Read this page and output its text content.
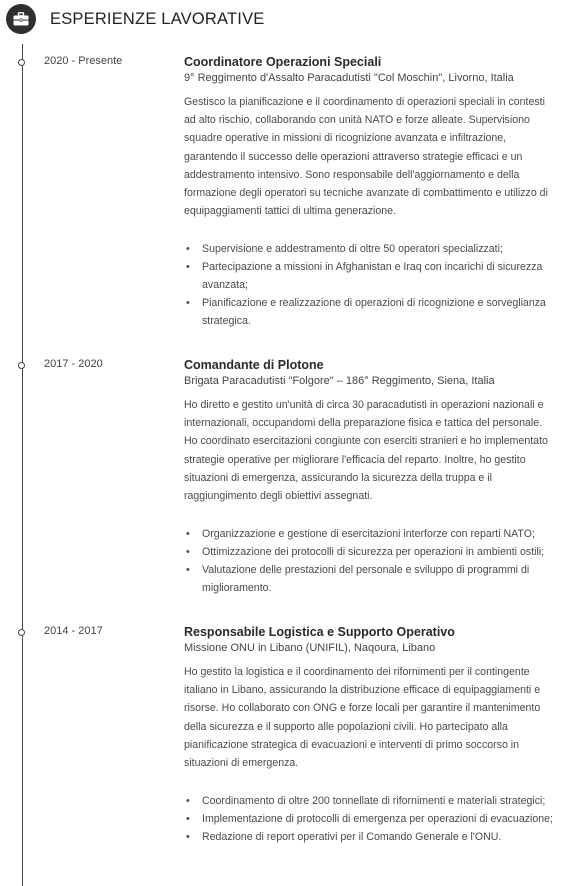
ESPERIENZE LAVORATIVE
2020 - Presente	Coordinatore Operazioni Speciali
9° Reggimento d'Assalto Paracadutisti "Col Moschin", Livorno, Italia
Gestisco la pianificazione e il coordinamento di operazioni speciali in contesti ad alto rischio, collaborando con unità NATO e forze alleate. Supervisiono squadre operative in missioni di ricognizione avanzata e infiltrazione, garantendo il successo delle operazioni attraverso strategie efficaci e un addestramento intensivo. Sono responsabile dell'aggiornamento e della formazione degli operatori su tecniche avanzate di combattimento e utilizzo di equipaggiamenti tattici di ultima generazione.
• Supervisione e addestramento di oltre 50 operatori specializzati;
• Partecipazione a missioni in Afghanistan e Iraq con incarichi di sicurezza avanzata;
• Pianificazione e realizzazione di operazioni di ricognizione e sorveglianza strategica.
2017 - 2020	Comandante di Plotone
Brigata Paracadutisti "Folgore" – 186° Reggimento, Siena, Italia
Ho diretto e gestito un'unità di circa 30 paracadutisti in operazioni nazionali e internazionali, occupandomi della preparazione fisica e tattica del personale. Ho coordinato esercitazioni congiunte con eserciti stranieri e ho implementato strategie operative per migliorare l'efficacia del reparto. Inoltre, ho gestito situazioni di emergenza, assicurando la sicurezza della truppa e il raggiungimento degli obiettivi assegnati.
• Organizzazione e gestione di esercitazioni interforze con reparti NATO;
• Ottimizzazione dei protocolli di sicurezza per operazioni in ambienti ostili;
• Valutazione delle prestazioni del personale e sviluppo di programmi di miglioramento.
2014 - 2017	Responsabile Logistica e Supporto Operativo
Missione ONU in Libano (UNIFIL), Naqoura, Libano
Ho gestito la logistica e il coordinamento dei rifornimenti per il contingente italiano in Libano, assicurando la distribuzione efficace di equipaggiamenti e risorse. Ho collaborato con ONG e forze locali per garantire il mantenimento della sicurezza e il supporto alle popolazioni civili. Ho partecipato alla pianificazione strategica di evacuazioni e interventi di primo soccorso in situazioni di emergenza.
• Coordinamento di oltre 200 tonnellate di rifornimenti e materiali strategici;
• Implementazione di protocolli di emergenza per operazioni di evacuazione;
• Redazione di report operativi per il Comando Generale e l'ONU.
